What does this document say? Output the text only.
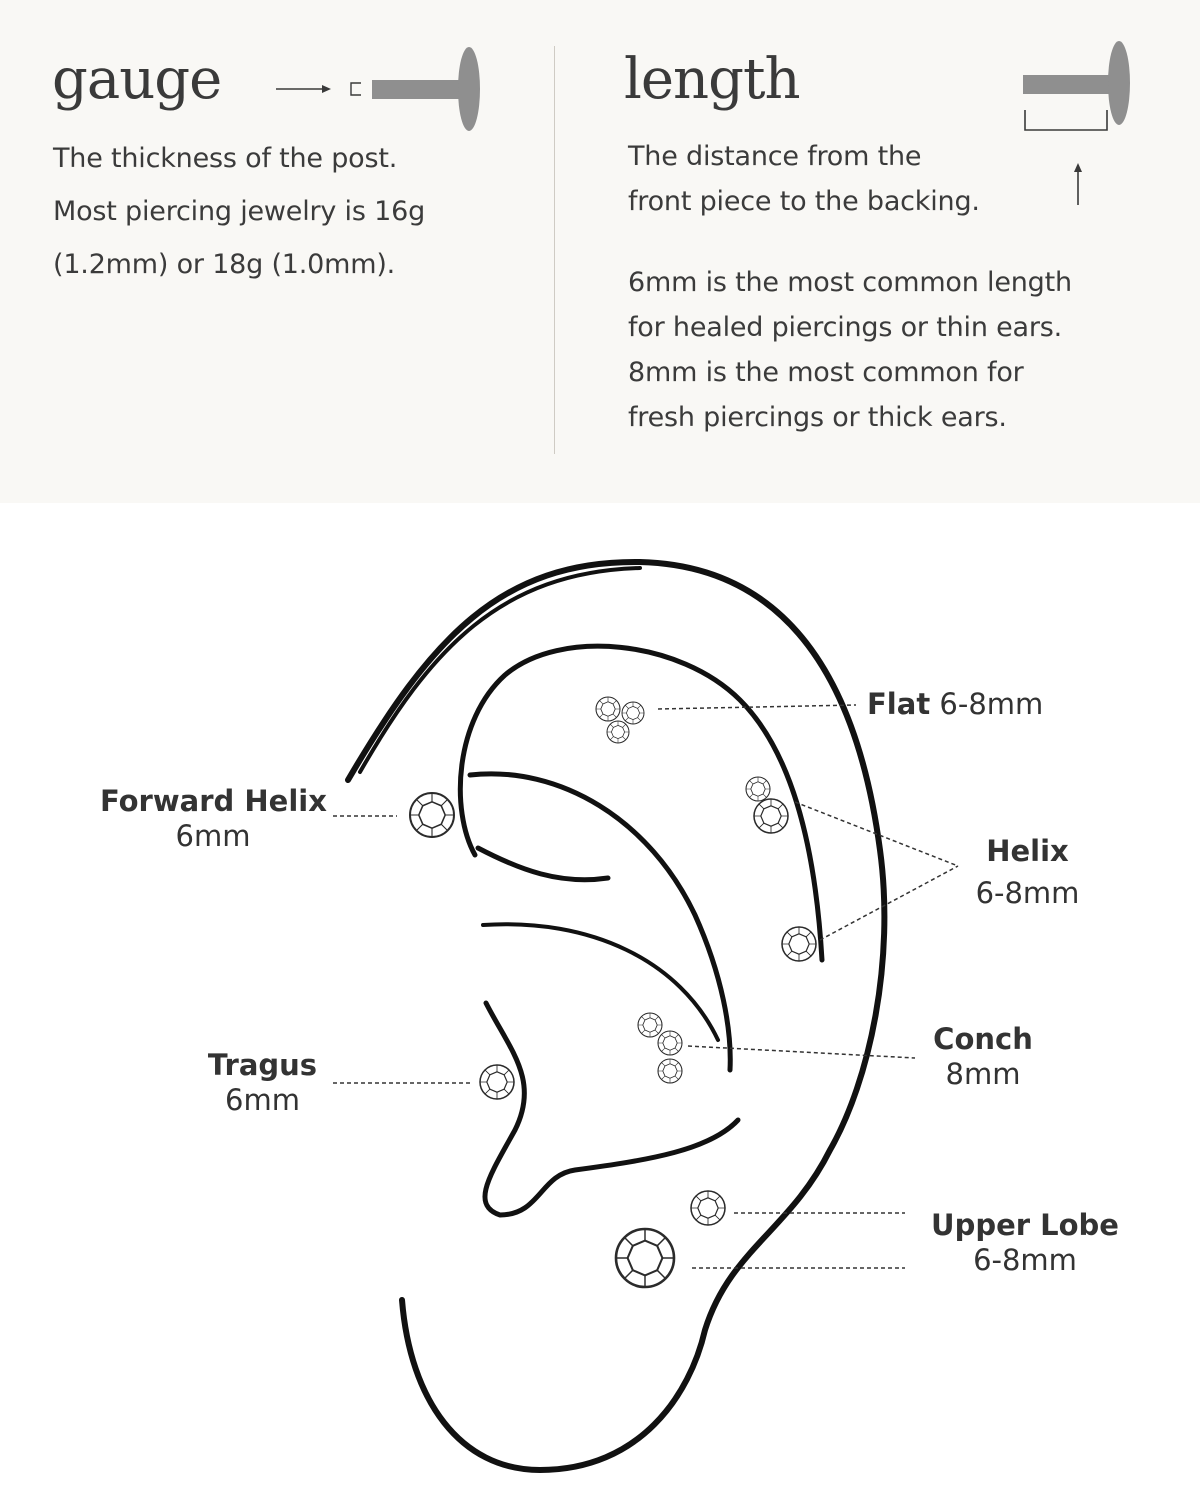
gauge

The thickness of the post.

Most piercing jewelry is 16g

(1.2mm) or 18g (1.0mm).

length

The distance from the

front piece to the backing.

6mm is the most common length

for healed piercings or thin ears.

8mm is the most common for

fresh piercings or thick ears.

Flat 6-8mm
Forward Helix
6mm	Helix
6-8mm
Conch
8mm
Tragus
6mm
Upper Lobe
6-8mm
